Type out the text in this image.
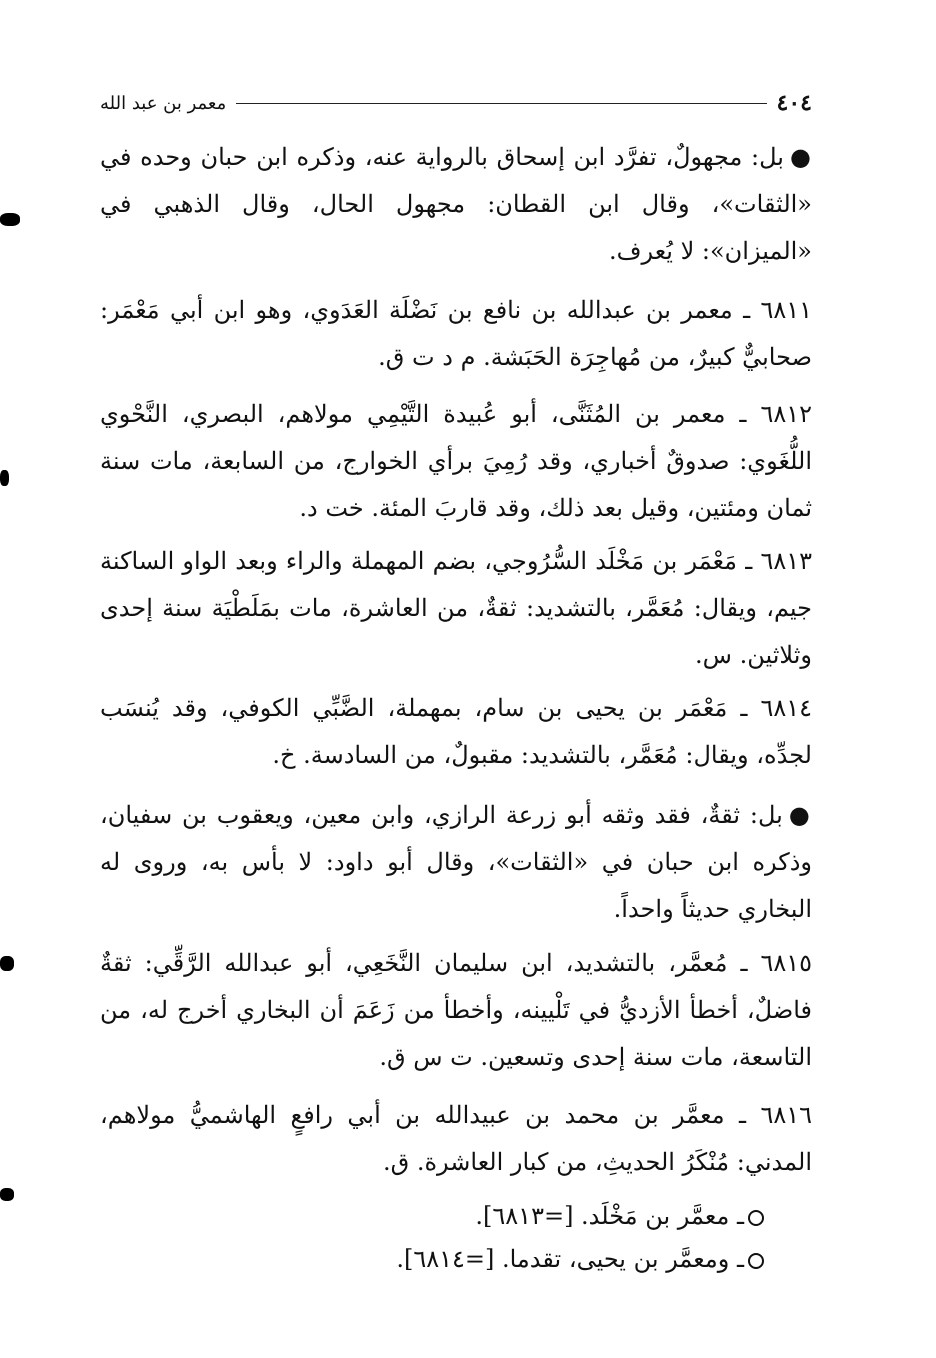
٤٠٤
معمر بن عبد الله

●بل: مجهولٌ، تفرَّد ابن إسحاق بالرواية عنه، وذكره ابن حبان وحده في «الثقات»، وقال ابن القطان: مجهول الحال، وقال الذهبي في «الميزان»: لا يُعرف.

٦٨١١ ـ معمر بن عبدالله بن نافع بن نَضْلَة العَدَوي، وهو ابن أبي مَعْمَر: صحابيٌّ كبيرٌ، من مُهاجِرَة الحَبَشة. م د ت ق.

٦٨١٢ ـ معمر بن المُثَنَّى، أبو عُبيدة التَّيْمِي مولاهم، البصري، النَّحْوي اللُّغَوي: صدوقٌ أخباري، وقد رُمِيَ برأي الخوارج، من السابعة، مات سنة ثمان ومئتين، وقيل بعد ذلك، وقد قاربَ المئة. خت د.

٦٨١٣ ـ مَعْمَر بن مَخْلَد السُّرُوجي، بضم المهملة والراء وبعد الواو الساكنة جيم، ويقال: مُعَمَّر، بالتشديد: ثقةٌ، من العاشرة، مات بمَلَطْيَة سنة إحدى وثلاثين. س.

٦٨١٤ ـ مَعْمَر بن يحيى بن سام، بمهملة، الضَّبِّي الكوفي، وقد يُنسَب لجدِّه، ويقال: مُعَمَّر، بالتشديد: مقبولٌ، من السادسة. خ.

●بل: ثقةٌ، فقد وثقه أبو زرعة الرازي، وابن معين، ويعقوب بن سفيان، وذكره ابن حبان في «الثقات»، وقال أبو داود: لا بأس به، وروى له البخاري حديثاً واحداً.

٦٨١٥ ـ مُعمَّر، بالتشديد، ابن سليمان النَّخَعِي، أبو عبدالله الرَّقِّي: ثقةٌ فاضلٌ، أخطأ الأزديُّ في تَلْيينه، وأخطأ من زَعَمَ أن البخاري أخرج له، من التاسعة، مات سنة إحدى وتسعين. ت س ق.

٦٨١٦ ـ معمَّر بن محمد بن عبيدالله بن أبي رافعٍ الهاشميُّ مولاهم، المدني: مُنْكَرُ الحديثِ، من كبار العاشرة. ق.

ـ معمَّر بن مَخْلَد. [=٦٨١٣].
ـ ومعمَّر بن يحيى، تقدما. [=٦٨١٤].
